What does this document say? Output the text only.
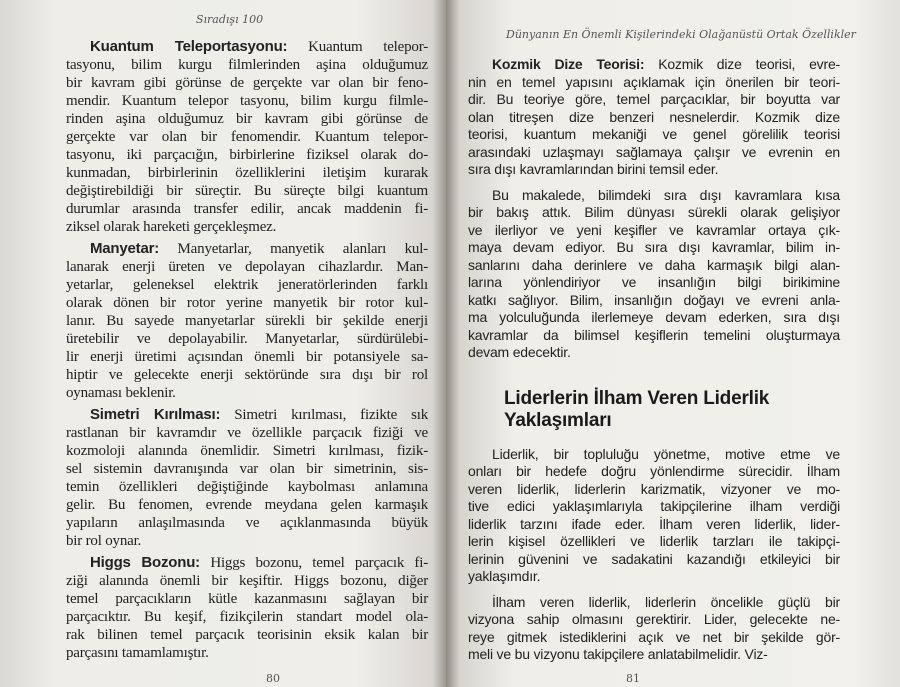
Sıradışı 100
Kuantum Teleportasyonu: Kuantum telepor-
tasyonu, bilim kurgu filmlerinden aşina olduğumuz
bir kavram gibi görünse de gerçekte var olan bir feno-
mendir. Kuantum telepor tasyonu, bilim kurgu filmle-
rinden aşina olduğumuz bir kavram gibi görünse de
gerçekte var olan bir fenomendir. Kuantum telepor-
tasyonu, iki parçacığın, birbirlerine fiziksel olarak do-
kunmadan, birbirlerinin özelliklerini iletişim kurarak
değiştirebildiği bir süreçtir. Bu süreçte bilgi kuantum
durumlar arasında transfer edilir, ancak maddenin fi-
ziksel olarak hareketi gerçekleşmez.
Manyetar: Manyetarlar, manyetik alanları kul-
lanarak enerji üreten ve depolayan cihazlardır. Man-
yetarlar, geleneksel elektrik jeneratörlerinden farklı
olarak dönen bir rotor yerine manyetik bir rotor kul-
lanır. Bu sayede manyetarlar sürekli bir şekilde enerji
üretebilir ve depolayabilir. Manyetarlar, sürdürülebi-
lir enerji üretimi açısından önemli bir potansiyele sa-
hiptir ve gelecekte enerji sektöründe sıra dışı bir rol
oynaması beklenir.
Simetri Kırılması: Simetri kırılması, fizikte sık
rastlanan bir kavramdır ve özellikle parçacık fiziği ve
kozmoloji alanında önemlidir. Simetri kırılması, fizik-
sel sistemin davranışında var olan bir simetrinin, sis-
temin özellikleri değiştiğinde kaybolması anlamına
gelir. Bu fenomen, evrende meydana gelen karmaşık
yapıların anlaşılmasında ve açıklanmasında büyük
bir rol oynar.
Higgs Bozonu: Higgs bozonu, temel parçacık fi-
ziği alanında önemli bir keşiftir. Higgs bozonu, diğer
temel parçacıkların kütle kazanmasını sağlayan bir
parçacıktır. Bu keşif, fizikçilerin standart model ola-
rak bilinen temel parçacık teorisinin eksik kalan bir
parçasını tamamlamıştır.
80
Dünyanın En Önemli Kişilerindeki Olağanüstü Ortak Özellikler
Kozmik Dize Teorisi: Kozmik dize teorisi, evre-
nin en temel yapısını açıklamak için önerilen bir teori-
dir. Bu teoriye göre, temel parçacıklar, bir boyutta var
olan titreşen dize benzeri nesnelerdir. Kozmik dize
teorisi, kuantum mekaniği ve genel görelilik teorisi
arasındaki uzlaşmayı sağlamaya çalışır ve evrenin en
sıra dışı kavramlarından birini temsil eder.
Bu makalede, bilimdeki sıra dışı kavramlara kısa
bir bakış attık. Bilim dünyası sürekli olarak gelişiyor
ve ilerliyor ve yeni keşifler ve kavramlar ortaya çık-
maya devam ediyor. Bu sıra dışı kavramlar, bilim in-
sanlarını daha derinlere ve daha karmaşık bilgi alan-
larına yönlendiriyor ve insanlığın bilgi birikimine
katkı sağlıyor. Bilim, insanlığın doğayı ve evreni anla-
ma yolculuğunda ilerlemeye devam ederken, sıra dışı
kavramlar da bilimsel keşiflerin temelini oluşturmaya
devam edecektir.
Liderlerin İlham Veren Liderlik
Yaklaşımları
Liderlik, bir topluluğu yönetme, motive etme ve
onları bir hedefe doğru yönlendirme sürecidir. İlham
veren liderlik, liderlerin karizmatik, vizyoner ve mo-
tive edici yaklaşımlarıyla takipçilerine ilham verdiği
liderlik tarzını ifade eder. İlham veren liderlik, lider-
lerin kişisel özellikleri ve liderlik tarzları ile takipçi-
lerinin güvenini ve sadakatini kazandığı etkileyici bir
yaklaşımdır.
İlham veren liderlik, liderlerin öncelikle güçlü bir
vizyona sahip olmasını gerektirir. Lider, gelecekte ne-
reye gitmek istediklerini açık ve net bir şekilde gör-
meli ve bu vizyonu takipçilere anlatabilmelidir. Viz-
81
